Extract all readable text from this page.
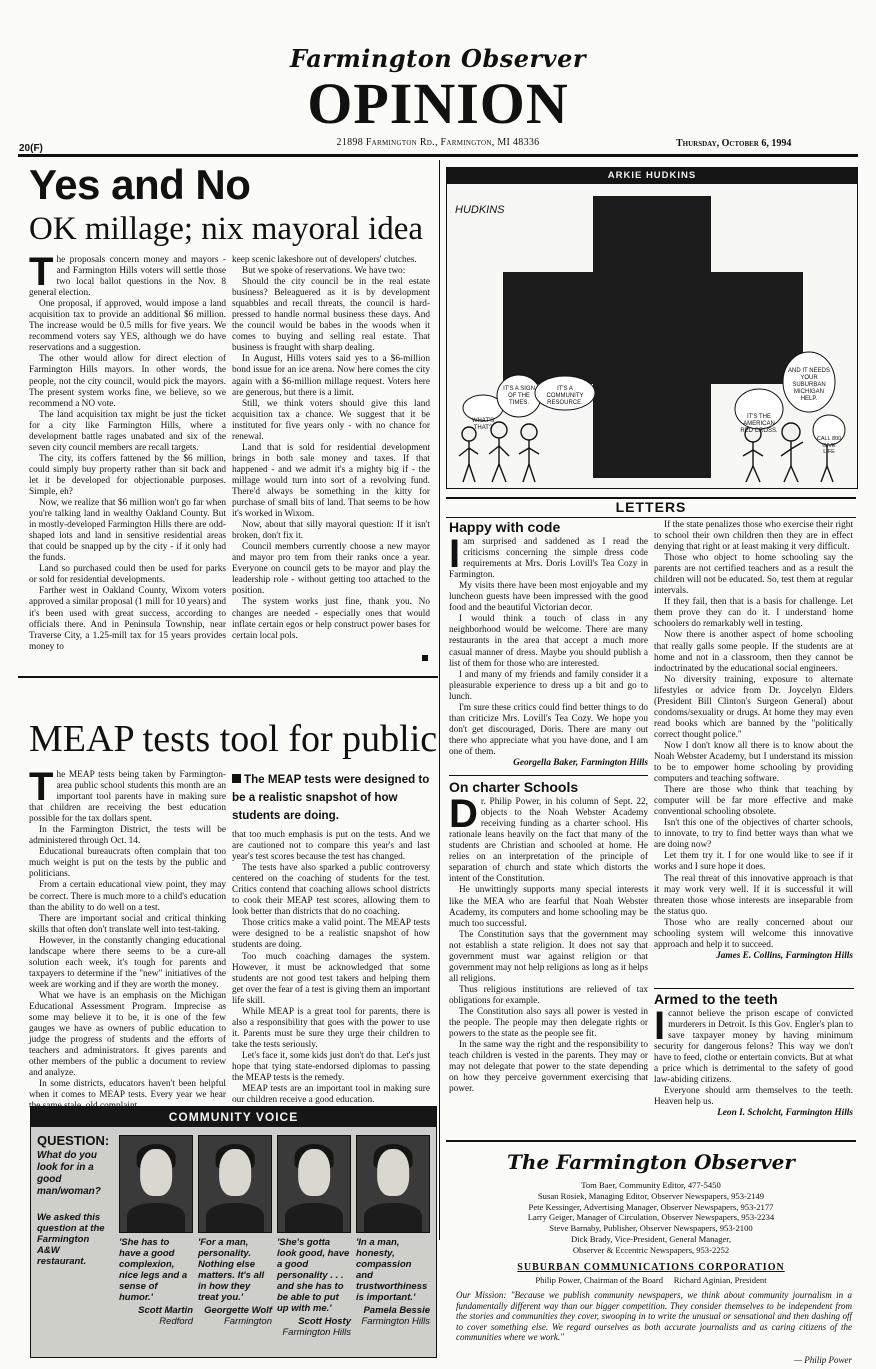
Farmington Observer
OPINION
20(F)
21898 Farmington Rd., Farmington, MI 48336	Thursday, October 6, 1994
Yes and No
OK millage; nix mayoral idea
T he proposals concern money and mayors - and Farmington Hills voters will settle those two local ballot questions in the Nov. 8 general election.

One proposal, if approved, would impose a land acquisition tax to provide an additional $6 million. The increase would be 0.5 mills for five years. We recommend voters say YES, although we do have reservations and a suggestion.

The other would allow for direct election of Farmington Hills mayors. In other words, the people, not the city council, would pick the mayors. The present system works fine, we believe, so we recommend a NO vote.

The land acquisition tax might be just the ticket for a city like Farmington Hills, where a development battle rages unabated and six of the seven city council members are recall targets.

The city, its coffers fattened by the $6 million, could simply buy property rather than sit back and let it be developed for objectionable purposes. Simple, eh?

Now, we realize that $6 million won't go far when you're talking land in wealthy Oakland County. But in mostly-developed Farmington Hills there are odd-shaped lots and land in sensitive residential areas that could be snapped up by the city - if it only had the funds.

Land so purchased could then be used for parks or sold for residential developments.

Farther west in Oakland County, Wixom voters approved a similar proposal (1 mill for 10 years) and it's been used with great success, according to officials there. And in Peninsula Township, near Traverse City, a 1.25-mill tax for 15 years provides money to

keep scenic lakeshore out of developers' clutches.

But we spoke of reservations. We have two:

Should the city council be in the real estate business? Beleaguered as it is by development squabbles and recall threats, the council is hard-pressed to handle normal business these days. And the council would be babes in the woods when it comes to buying and selling real estate. That business is fraught with sharp dealing.

In August, Hills voters said yes to a $6-million bond issue for an ice arena. Now here comes the city again with a $6-million millage request. Voters here are generous, but there is a limit.

Still, we think voters should give this land acquisition tax a chance. We suggest that it be instituted for five years only - with no chance for renewal.

Land that is sold for residential development brings in both sale money and taxes. If that happened - and we admit it's a mighty big if - the millage would turn into sort of a revolving fund. There'd always be something in the kitty for purchase of small bits of land. That seems to be how it's worked in Wixom.

Now, about that silly mayoral question: If it isn't broken, don't fix it.

Council members currently choose a new mayor and mayor pro tem from their ranks once a year. Everyone on council gets to be mayor and play the leadership role - without getting too attached to the position.

The system works just fine, thank you. No changes are needed - especially ones that would inflate certain egos or help construct power bases for certain local pols.

MEAP tests tool for public
T he MEAP tests being taken by Farmington-area public school students this month are an important tool parents have in making sure that children are receiving the best education possible for the tax dollars spent.

In the Farmington District, the tests will be administered through Oct. 14.

Educational bureaucrats often complain that too much weight is put on the tests by the public and politicians.

From a certain educational view point, they may be correct. There is much more to a child's education than the ability to do well on a test.

There are important social and critical thinking skills that often don't translate well into test-taking.

However, in the constantly changing educational landscape where there seems to be a cure-all solution each week, it's tough for parents and taxpayers to determine if the "new" initiatives of the week are working and if they are worth the money.

What we have is an emphasis on the Michigan Educational Assessment Program. Imprecise as some may believe it to be, it is one of the few gauges we have as owners of public education to judge the progress of students and the efforts of teachers and administrators. It gives parents and other members of the public a document to review and analyze.

In some districts, educators haven't been helpful when it comes to MEAP tests. Every year we hear

The MEAP tests were designed to be a realistic snapshot of how students are doing.

that too much emphasis is put on the tests. And we are cautioned not to compare this year's and last year's test scores because the test has changed.

The tests have also sparked a public controversy centered on the coaching of students for the test. Critics contend that coaching allows school districts to cook their MEAP test scores, allowing them to look better than districts that do no coaching.

Those critics make a valid point. The MEAP tests were designed to be a realistic snapshot of how students are doing.

Too much coaching damages the system. However, it must be acknowledged that some students are not good test takers and helping them get over the fear of a test is giving them an important life skill.

While MEAP is a great tool for parents, there is also a responsibility that goes with the power to use it. Parents must be sure they urge their children to take the tests seriously.

Let's face it, some kids just don't do that. Let's just hope that tying state-endorsed diplomas to passing the MEAP tests is the remedy.

MEAP tests are an important tool in making sure our children receive a good education.

COMMUNITY VOICE
QUESTION:
What do you look for in a good man/woman?
We asked this question at the Farmington A&W restaurant.
'She has to have a good complexion, nice legs and a sense of humor.'
Scott Martin
Redford
'For a man, personality. Nothing else matters. It's all in how they treat you.'
Georgette Wolf
Farmington
'She's gotta look good, have a good personality . . . and she has to be able to put up with me.'
Scott Hosty
Farmington Hills
'In a man, honesty, compassion and trustworthiness is important.'
Pamela Bessie
Farmington Hills
ARKIE HUDKINS
HUDKINS
WHAT'S THAT?
IT'S A SIGN OF THE TIMES.
IT'S A COMMUNITY RESOURCE.
IT'S THE AMERICAN RED CROSS.
AND IT NEEDS YOUR SUBURBAN MICHIGAN HELP.
CALL 800 GIVE LIFE
LETTERS
Happy with code
I am surprised and saddened as I read the criticisms concerning the simple dress code requirements at Mrs. Doris Lovill's Tea Cozy in Farmington.

My visits there have been most enjoyable and my luncheon guests have been impressed with the good food and the beautiful Victorian decor.

I would think a touch of class in any neighborhood would be welcome. There are many restaurants in the area that accept a much more casual manner of dress. Maybe you should publish a list of them for those who are interested.

I and many of my friends and family consider it a pleasurable experience to dress up a bit and go to lunch.

I'm sure these critics could find better things to do than criticize Mrs. Lovill's Tea Cozy. We hope you don't get discouraged, Doris. There are many out there who appreciate what you have done, and I am one of them.

Georgella Baker, Farmington Hills

On charter Schools
D r. Philip Power, in his column of Sept. 22, objects to the Noah Webster Academy receiving funding as a charter school. His rationale leans heavily on the fact that many of the students are Christian and schooled at home. He relies on an interpretation of the principle of separation of church and state which distorts the intent of the Constitution.

He unwittingly supports many special interests like the MEA who are fearful that Noah Webster Academy, its computers and home schooling may be much too successful.

The Constitution says that the government may not establish a state religion. It does not say that government must war against religion or that government may not help religions as long as it helps all religions.

Thus religious institutions are relieved of tax obligations for example.

The Constitution also says all power is vested in the people. The people may then delegate rights or powers to the state as the people see fit.

In the same way the right and the responsibility to teach children is vested in the parents. They may or may not delegate that power to the state depending on how they perceive government exercising that power.

If the state penalizes those who exercise their right to school their own children then they are in effect denying that right or at least making it very difficult.

Those who object to home schooling say the parents are not certified teachers and as a result the children will not be educated. So, test them at regular intervals.

If they fail, then that is a basis for challenge. Let them prove they can do it. I understand home schoolers do remarkably well in testing.

Now there is another aspect of home schooling that really galls some people. If the students are at home and not in a classroom, then they cannot be indoctrinated by the educational social engineers.

No diversity training, exposure to alternate lifestyles or advice from Dr. Joycelyn Elders (President Bill Clinton's Surgeon General) about condoms/sexuality or drugs. At home they may even read books which are banned by the "politically correct thought police."

Now I don't know all there is to know about the Noah Webster Academy, but I understand its mission to be to empower home schooling by providing computers and teaching software.

There are those who think that teaching by computer will be far more effective and make conventional schooling obsolete.

Isn't this one of the objectives of charter schools, to innovate, to try to find better ways than what we are doing now?

Let them try it. I for one would like to see if it works and I sure hope it does.

The real threat of this innovative approach is that it may work very well. If it is successful it will threaten those whose interests are inseparable from the status quo.

Those who are really concerned about our schooling system will welcome this innovative approach and help it to succeed.

James E. Collins, Farmington Hills

Armed to the teeth
I cannot believe the prison escape of convicted murderers in Detroit. Is this Gov. Engler's plan to save taxpayer money by having minimum security for dangerous felons? This way we don't have to feed, clothe or entertain convicts. But at what a price which is detrimental to the safety of good law-abiding citizens.

Everyone should arm themselves to the teeth. Heaven help us.

Leon I. Scholcht, Farmington Hills

The Farmington Observer
Tom Baer, Community Editor, 477-5450
Susan Rosiek, Managing Editor, Observer Newspapers, 953-2149
Pete Kessinger, Advertising Manager, Observer Newspapers, 953-2177
Larry Geiger, Manager of Circulation, Observer Newspapers, 953-2234
Steve Barnaby, Publisher, Observer Newspapers, 953-2100
Dick Brady, Vice-President, General Manager,
Observer & Eccentric Newspapers, 953-2252
SUBURBAN COMMUNICATIONS CORPORATION
Philip Power, Chairman of the Board     Richard Aginian, President
Our Mission: "Because we publish community newspapers, we think about community journalism in a fundamentally different way than our bigger competition. They consider themselves to be independent from the stories and communities they cover, swooping in to write the unusual or sensational and then dashing off to cover something else. We regard ourselves as both accurate journalists and as caring citizens of the communities where we work."
— Philip Power
